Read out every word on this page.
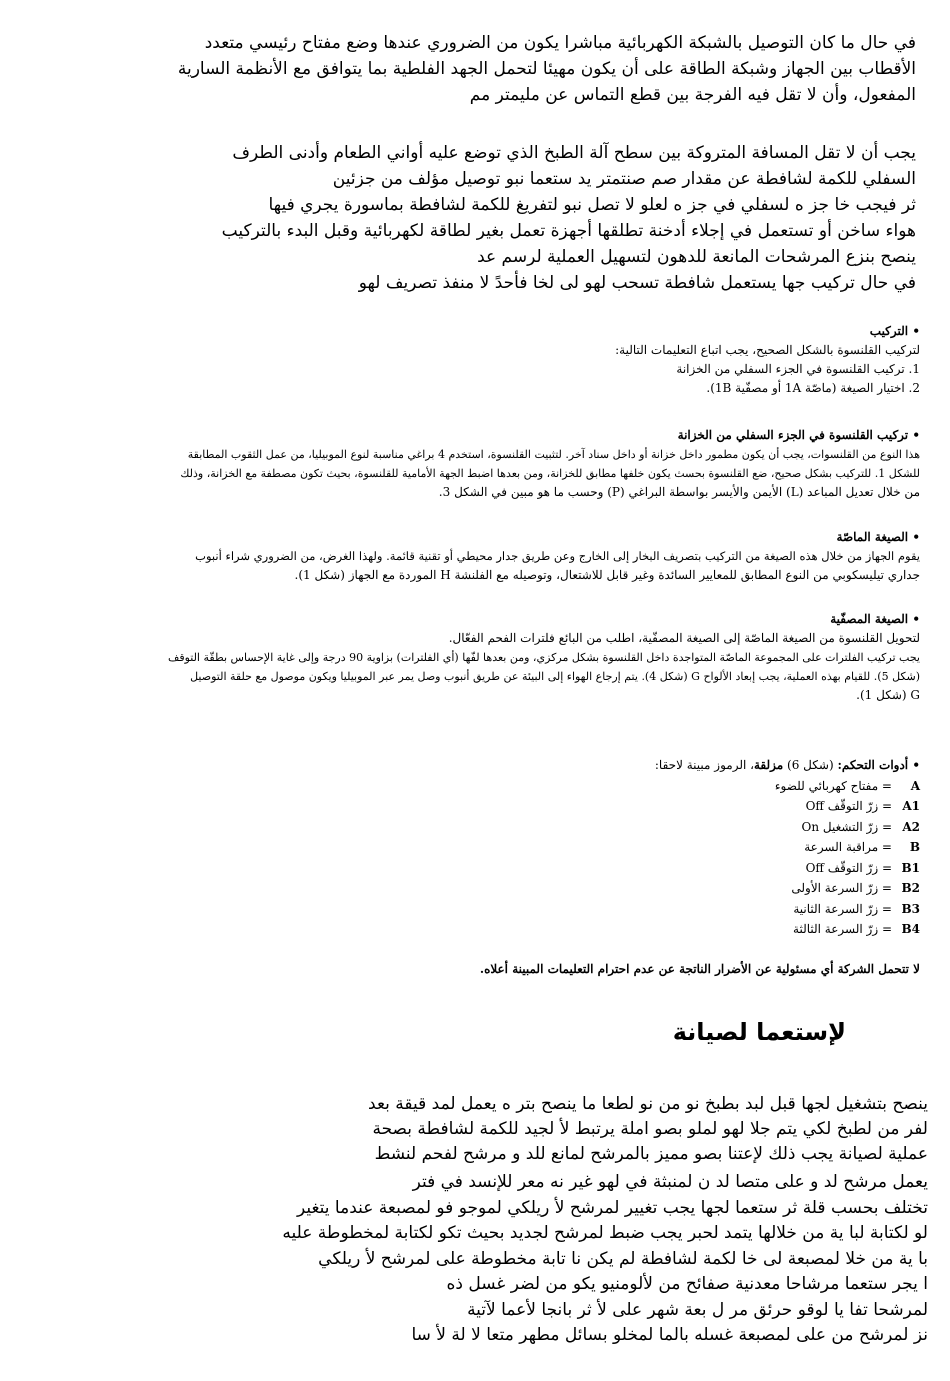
في حال ما كان التوصيل بالشبكة الكهربائية مباشرا يكون من الضروري عندها وضع مفتاح رئيسي متعدد
الأقطاب بين الجهاز وشبكة الطاقة على أن يكون مهيئا لتحمل الجهد الفلطية بما يتوافق مع الأنظمة السارية
المفعول، وأن لا تقل فيه الفرجة بين قطع التماس عن مليمتر مم
يجب أن لا تقل المسافة المتروكة بين سطح آلة الطبخ الذي توضع عليه أواني الطعام وأدنى الطرف
السفلي للكمة لشافطة عن مقدار صم صنتمتر يد ستعما نبو توصيل مؤلف من جزئين
ثر فيجب خا جز ه لسفلي في جز ه لعلو لا تصل نبو لتفريغ للكمة لشافطة بماسورة يجري فيها
هواء ساخن أو تستعمل في إجلاء أدخنة تطلقها أجهزة تعمل بغير لطاقة لكهربائية وقبل البدء بالتركيب
ينصح بنزع المرشحات المانعة للدهون لتسهيل العملية لرسم عد
في حال تركيب جها يستعمل شافطة تسحب لهو لى لخا فأحدً لا منفذ تصريف لهو
• التركيب
لتركيب القلنسوة بالشكل الصحيح، يجب اتباع التعليمات التالية:
1. تركيب القلنسوة في الجزء السفلي من الخزانة
2. اختيار الصيغة (ماصّة 1A أو مصفّية 1B).
• تركيب القلنسوة في الجزء السفلي من الخزانة
هذا النوع من القلنسوات، يجب أن يكون مطمور داخل خزانة أو داخل سناد آخر. لتثبيت القلنسوة، استخدم 4 براغي مناسبة لنوع الموبيليا، من عمل الثقوب المطابقة
للشكل 1. للتركيب بشكل صحيح، ضع القلنسوة بحسث يكون خلفها مطابق للخزانة، ومن بعدها اضبط الجهة الأمامية للقلنسوة، بحيث تكون مصطفة مع الخزانة، وذلك
من خلال تعديل المباعد (L) الأيمن والأيسر بواسطة البراغي (P) وحسب ما هو مبين في الشكل 3.
• الصيغة الماصّة
يقوم الجهاز من خلال هذه الصيغة من التركيب بتصريف البخار إلى الخارج وعن طريق جدار محيطي أو تقنية قائمة. ولهذا الغرض، من الضروري شراء أنبوب
جداري تيليسكوبي من النوع المطابق للمعايير السائدة وغير قابل للاشتعال، وتوصيله مع الفلنشة H الموردة مع الجهاز (شكل 1).
• الصيغة المصفّية
لتحويل القلنسوة من الصيغة الماصّة إلى الصيغة المصفّية، اطلب من البائع فلترات الفحم الفعّال.
يجب تركيب الفلترات على المجموعة الماصّة المتواجدة داخل القلنسوة بشكل مركزي، ومن بعدها لفّها (أي الفلترات) بزاوية 90 درجة وإلى غاية الإحساس بطقّة التوقف
(شكل 5). للقيام بهذه العملية، يجب إبعاد الألواح G (شكل 4). يتم إرجاع الهواء إلى البيئة عن طريق أنبوب وصل يمر عبر الموبيليا ويكون موصول مع حلقة التوصيل
G (شكل 1).
• أدوات التحكم: (شكل 6) مزلقة، الرموز مبينة لاحقا:
A= مفتاح كهربائي للضوء
A1= زرّ التوقّف Off
A2= زرّ التشغيل On
B= مراقبة السرعة
B1= زرّ التوقّف Off
B2= زرّ السرعة الأولى
B3= زرّ السرعة الثانية
B4= زرّ السرعة الثالثة
لا تتحمل الشركة أي مسئولية عن الأضرار الناتجة عن عدم احترام التعليمات المبينة أعلاه.
لإستعما لصيانة
ينصح بتشغيل لجها قبل لبد بطبخ نو من نو لطعا ما ينصح بتر ه يعمل لمد قيقة بعد
لفر من لطبخ لكي يتم جلا لهو لملو بصو املة يرتبط لأ لجيد للكمة لشافطة بصحة
عملية لصيانة يجب ذلك لإعتنا بصو مميز بالمرشح لمانع للد و مرشح لفحم لنشط
يعمل مرشح لد و على متصا لد ن لمنبثة في لهو غير نه معر للإنسد في فتر
تختلف بحسب قلة ثر ستعما لجها يجب تغيير لمرشح لأ ريلكي لموجو فو لمصبعة عندما يتغير
لو لكتابة لبا ية من خلالها يتمد لحبر يجب ضبط لمرشح لجديد بحيث تكو لكتابة لمخطوطة عليه
با ية من خلا لمصبعة لى خا لكمة لشافطة لم يكن نا تابة مخطوطة على لمرشح لأ ريلكي
ا يجر ستعما مرشاحا معدنية صفائح من لألومنيو يكو من لضر غسل ذه
لمرشحا تفا يا لوقو حرئق مر ل بعة شهر على لأ ثر بانجا لأعما لآتية
نز لمرشح من على لمصبعة غسله بالما لمخلو بسائل مطهر متعا لا لة لأ سا
